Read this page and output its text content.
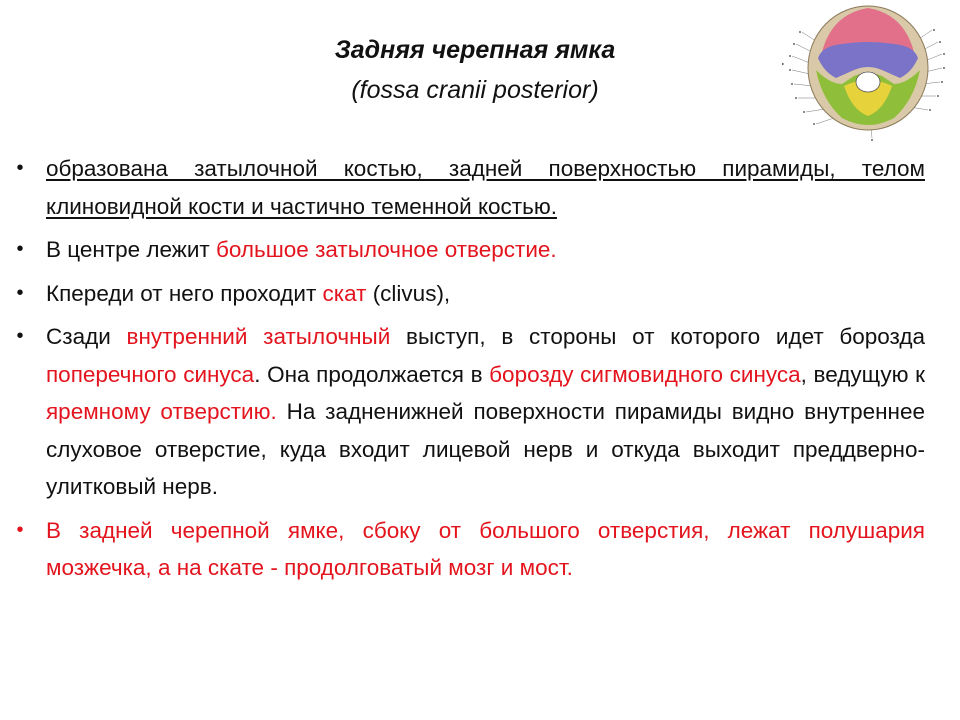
Задняя черепная ямка
(fossa cranii posterior)
• образована затылочной костью, задней поверхностью пирамиды, телом клиновидной кости и частично теменной костью.
• В центре лежит большое затылочное отверстие.
• Кпереди от него проходит скат (clivus),
• Сзади внутренний затылочный выступ, в стороны от которого идет борозда поперечного синуса. Она продолжается в борозду сигмовидного синуса, ведущую к яремному отверстию. На задненижней поверхности пирамиды видно внутреннее слуховое отверстие, куда входит лицевой нерв и откуда выходит преддверно-улитковый нерв.
• В задней черепной ямке, сбоку от большого отверстия, лежат полушария мозжечка, а на скате - продолговатый мозг и мост.
